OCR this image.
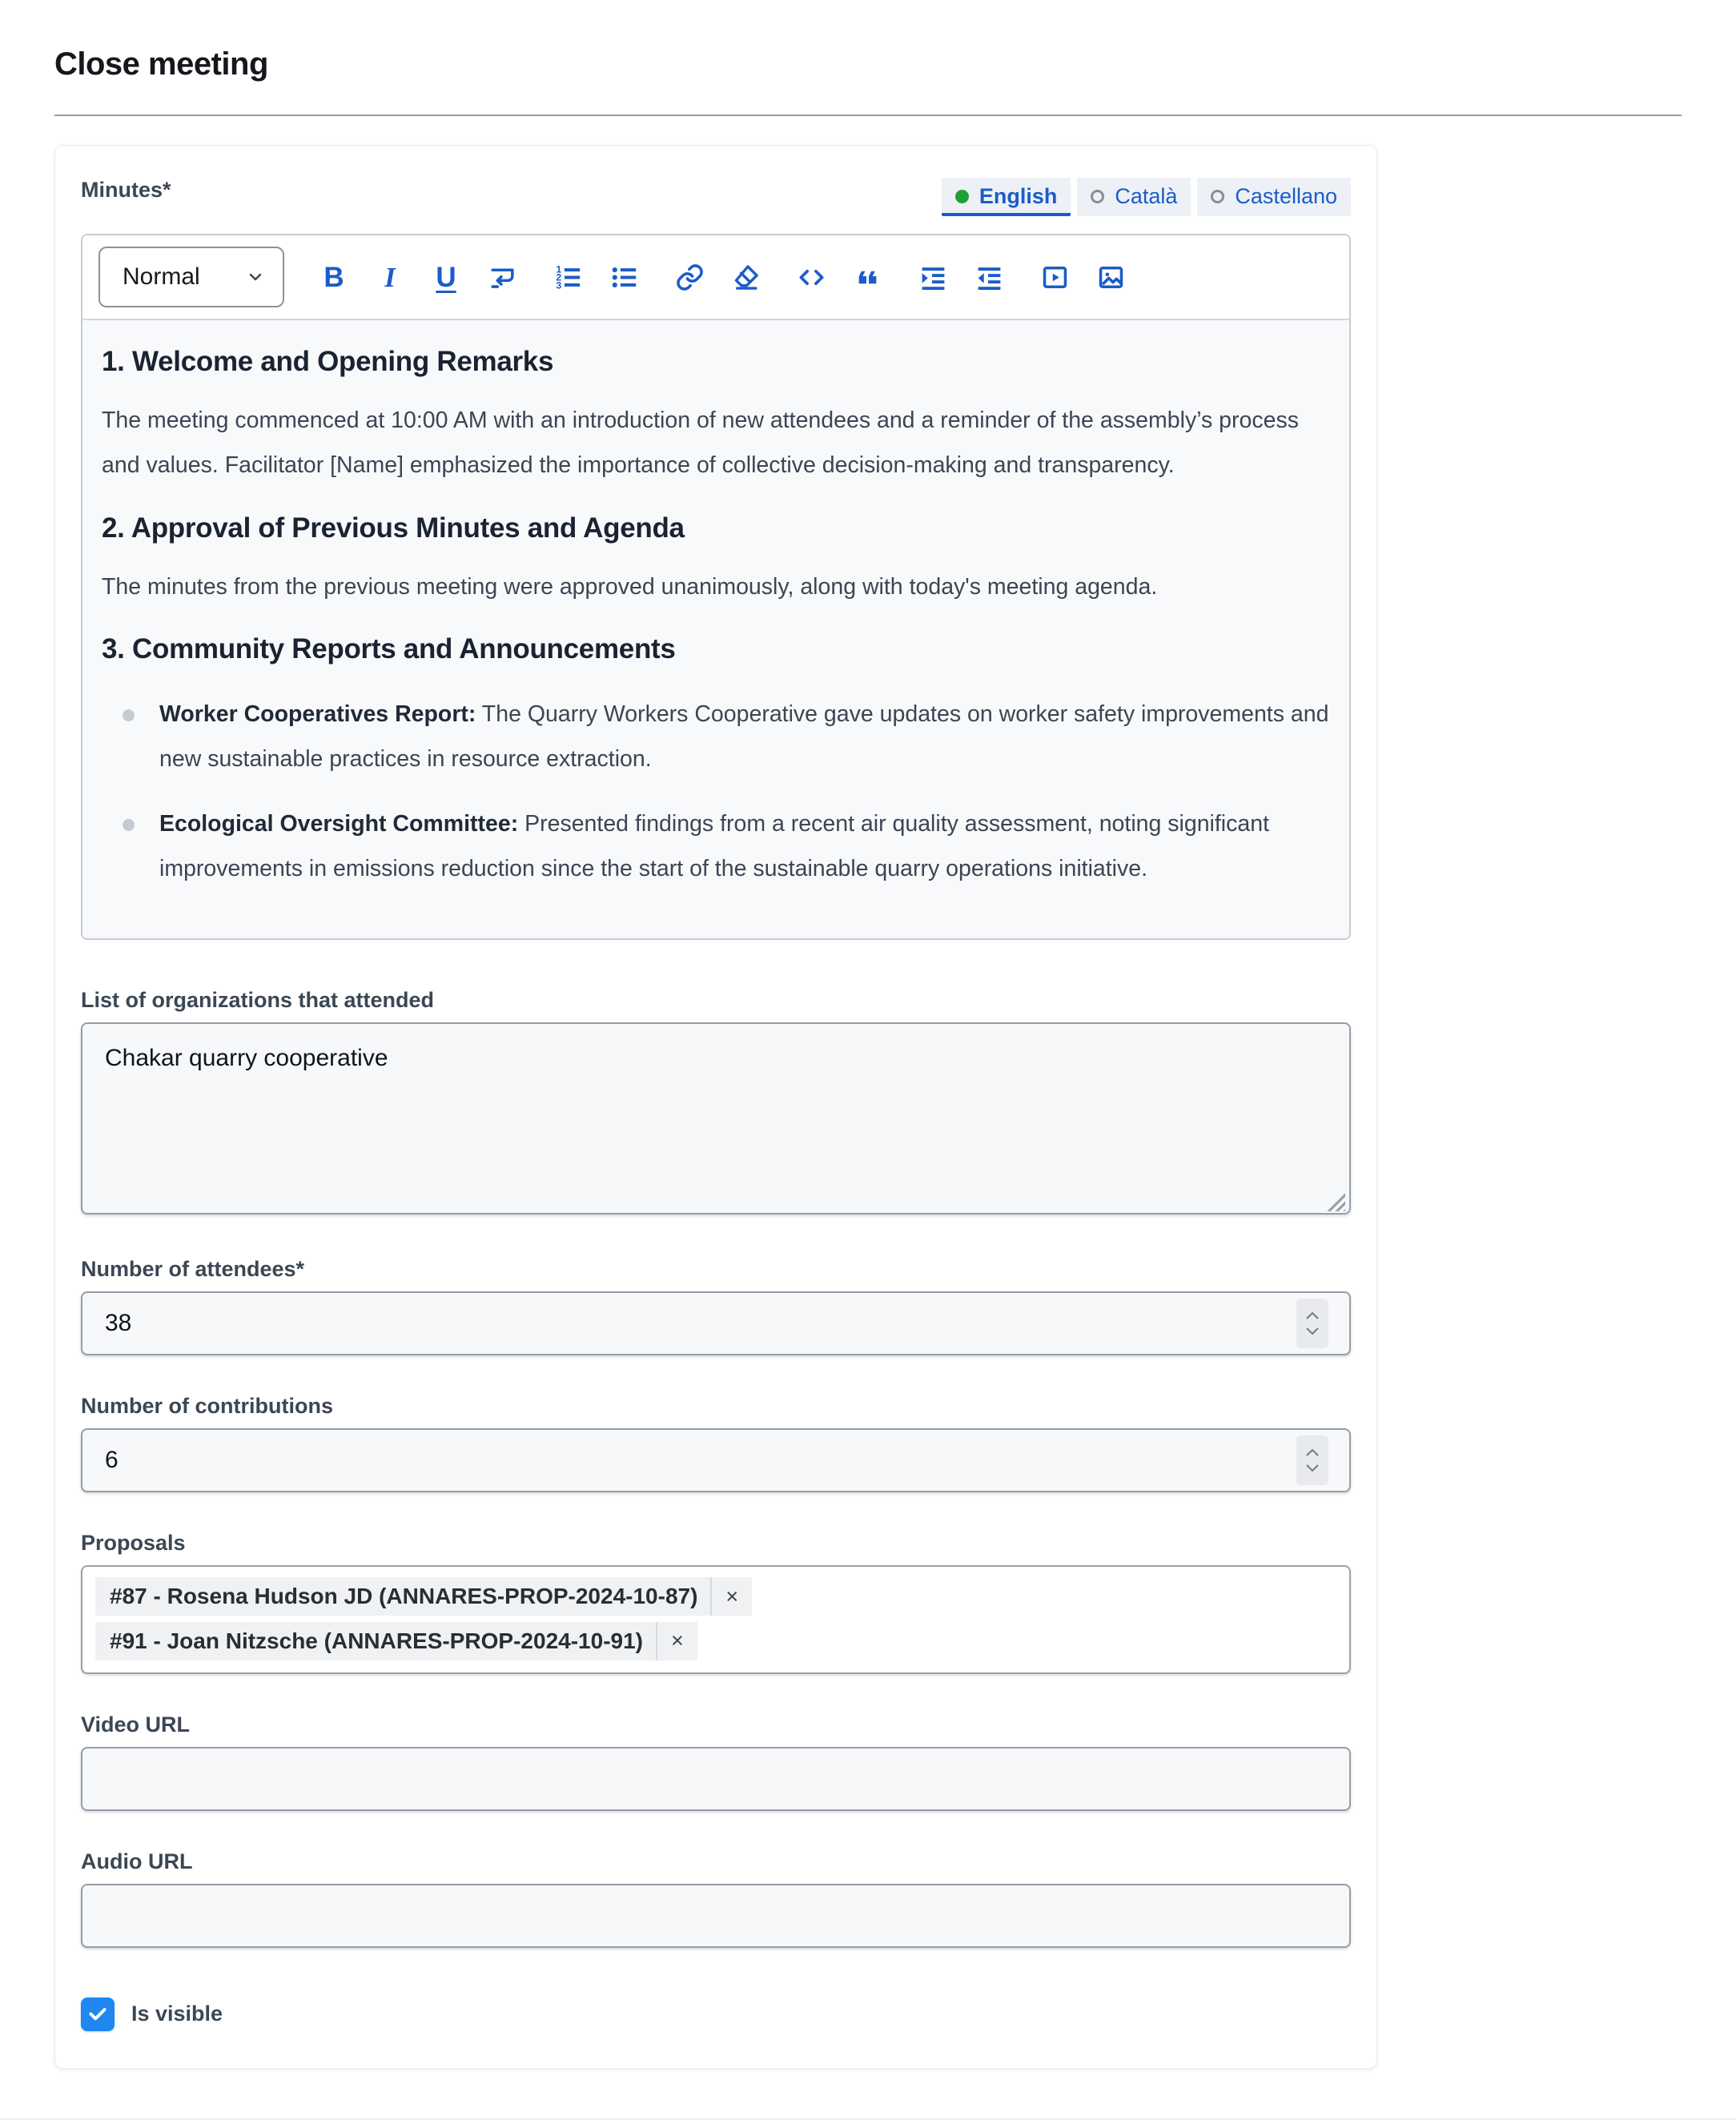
Close meeting
Minutes*	English	Català	Castellano
Normal	B I U	1
2
3
1. Welcome and Opening Remarks

The meeting commenced at 10:00 AM with an introduction of new attendees and a reminder of the assembly’s process and values. Facilitator [Name] emphasized the importance of collective decision-making and transparency.

2. Approval of Previous Minutes and Agenda

The minutes from the previous meeting were approved unanimously, along with today's meeting agenda.

3. Community Reports and Announcements
Worker Cooperatives Report: The Quarry Workers Cooperative gave updates on worker safety improvements and new sustainable practices in resource extraction.
Ecological Oversight Committee: Presented findings from a recent air quality assessment, noting significant improvements in emissions reduction since the start of the sustainable quarry operations initiative.
List of organizations that attended
Chakar quarry cooperative
Number of attendees*
38
Number of contributions
6
Proposals
#87 - Rosena Hudson JD (ANNARES-PROP-2024-10-87)	×
#91 - Joan Nitzsche (ANNARES-PROP-2024-10-91)	×
Video URL
Audio URL
Is visible
